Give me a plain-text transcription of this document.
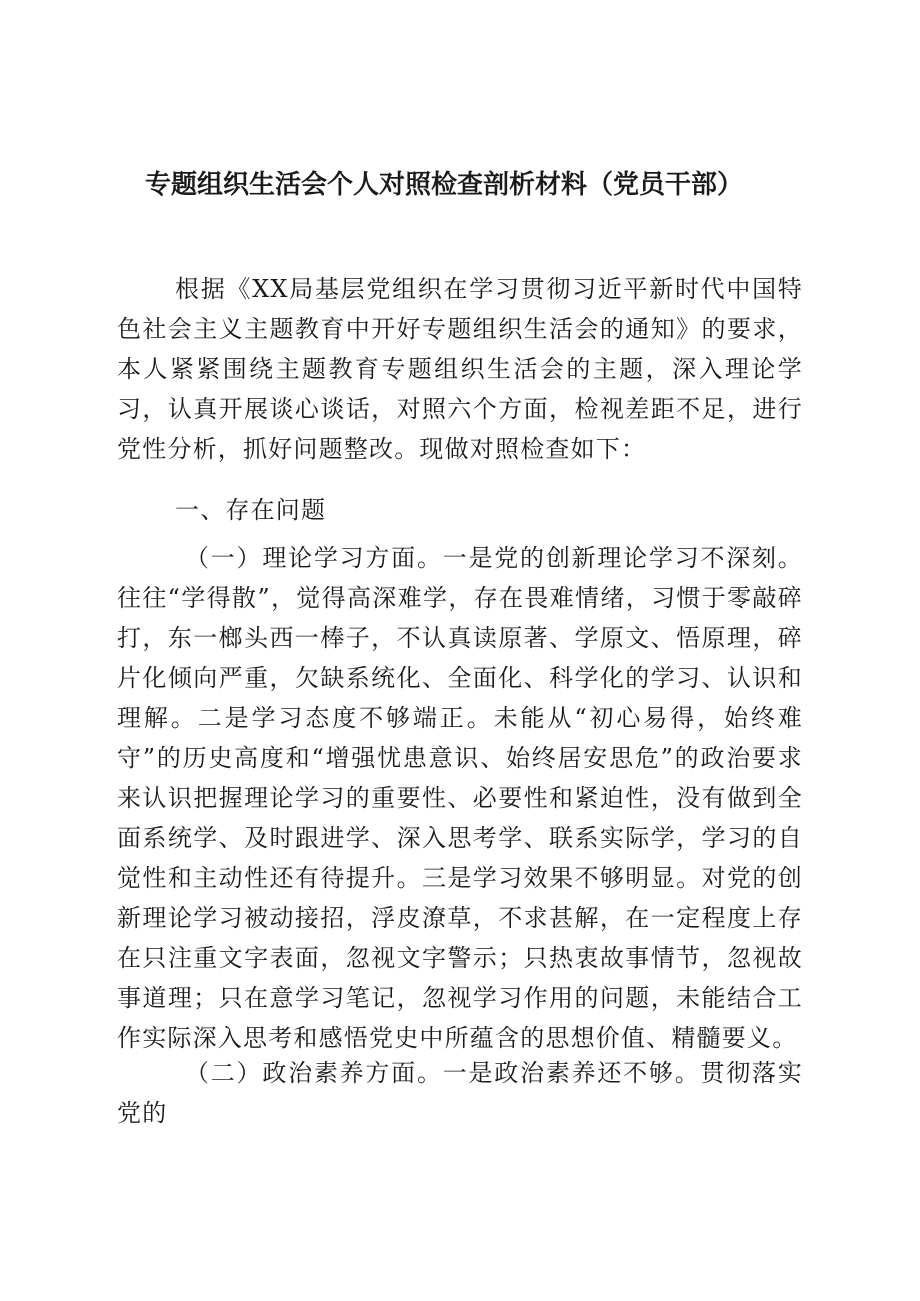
专题组织生活会个人对照检查剖析材料（党员干部）

根据《XX局基层党组织在学习贯彻习近平新时代中国特色社会主义主题教育中开好专题组织生活会的通知》的要求，本人紧紧围绕主题教育专题组织生活会的主题，深入理论学习，认真开展谈心谈话，对照六个方面，检视差距不足，进行党性分析，抓好问题整改。现做对照检查如下：

一、存在问题

（一）理论学习方面。一是党的创新理论学习不深刻。往往“学得散”，觉得高深难学，存在畏难情绪，习惯于零敲碎打，东一榔头西一棒子，不认真读原著、学原文、悟原理，碎片化倾向严重，欠缺系统化、全面化、科学化的学习、认识和理解。二是学习态度不够端正。未能从“初心易得，始终难守”的历史高度和“增强忧患意识、始终居安思危”的政治要求来认识把握理论学习的重要性、必要性和紧迫性，没有做到全面系统学、及时跟进学、深入思考学、联系实际学，学习的自觉性和主动性还有待提升。三是学习效果不够明显。对党的创新理论学习被动接招，浮皮潦草，不求甚解，在一定程度上存在只注重文字表面，忽视文字警示；只热衷故事情节，忽视故事道理；只在意学习笔记，忽视学习作用的问题，未能结合工作实际深入思考和感悟党史中所蕴含的思想价值、精髓要义。

（二）政治素养方面。一是政治素养还不够。贯彻落实党的
